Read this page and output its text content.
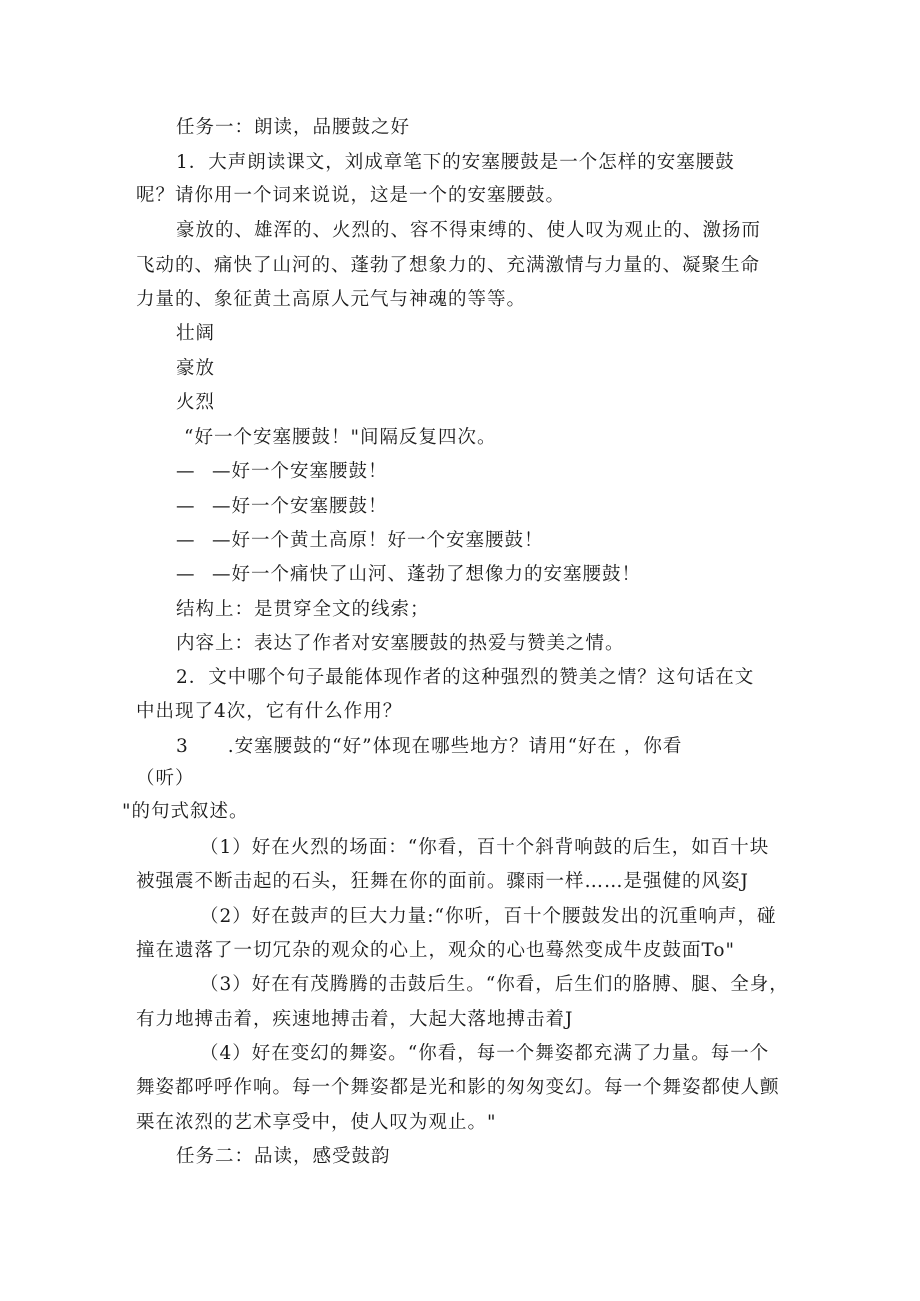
任务一：朗读，品腰鼓之好
1．大声朗读课文，刘成章笔下的安塞腰鼓是一个怎样的安塞腰鼓
呢？请你用一个词来说说，这是一个的安塞腰鼓。
豪放的、雄浑的、火烈的、容不得束缚的、使人叹为观止的、激扬而
飞动的、痛快了山河的、蓬勃了想象力的、充满激情与力量的、凝聚生命
力量的、象征黄土高原人元气与神魂的等等。
壮阔
豪放
火烈
“好一个安塞腰鼓！"间隔反复四次。
— —好一个安塞腰鼓！
— —好一个安塞腰鼓！
— —好一个黄土高原！好一个安塞腰鼓！
— —好一个痛快了山河、蓬勃了想像力的安塞腰鼓！
结构上：是贯穿全文的线索；
内容上：表达了作者对安塞腰鼓的热爱与赞美之情。
2．文中哪个句子最能体现作者的这种强烈的赞美之情？这句话在文
中出现了4次，它有什么作用？
3　　.安塞腰鼓的“好”体现在哪些地方？请用“好在 ，你看
（听）
"的句式叙述。
（1）好在火烈的场面：“你看，百十个斜背响鼓的后生，如百十块
被强震不断击起的石头，狂舞在你的面前。骤雨一样……是强健的风姿J
（2）好在鼓声的巨大力量:“你听，百十个腰鼓发出的沉重响声，碰
撞在遗落了一切冗杂的观众的心上，观众的心也蓦然变成牛皮鼓面To"
（3）好在有茂腾腾的击鼓后生。“你看，后生们的胳膊、腿、全身，
有力地搏击着，疾速地搏击着，大起大落地搏击着J
（4）好在变幻的舞姿。“你看，每一个舞姿都充满了力量。每一个
舞姿都呼呼作响。每一个舞姿都是光和影的匆匆变幻。每一个舞姿都使人颤
栗在浓烈的艺术享受中，使人叹为观止。"
任务二：品读，感受鼓韵
